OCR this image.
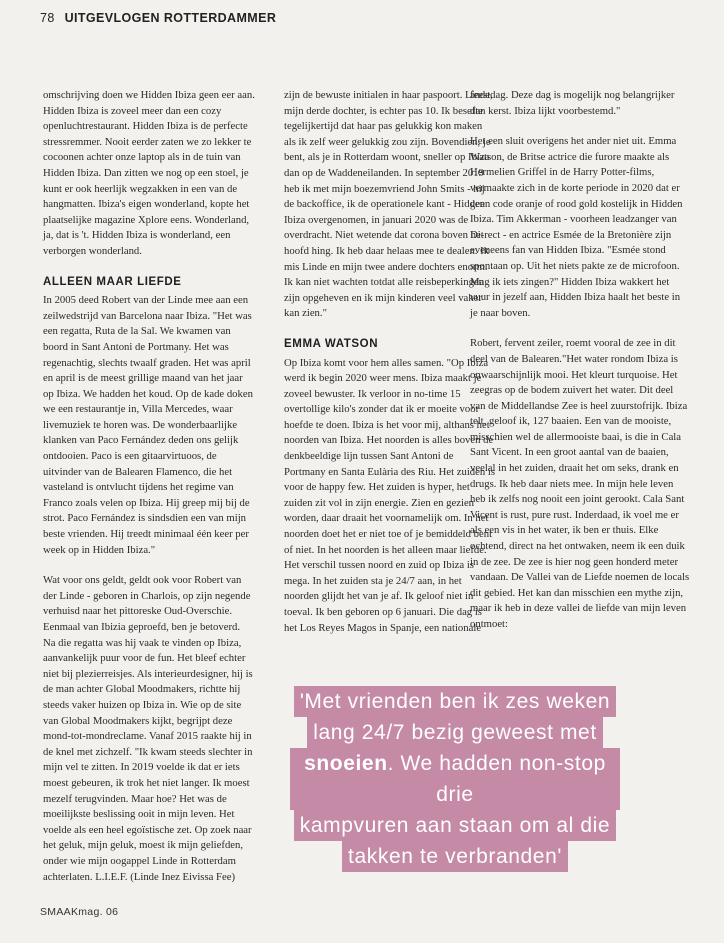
78 UITGEVLOGEN ROTTERDAMMER

omschrijving doen we Hidden Ibiza geen eer aan. Hidden Ibiza is zoveel meer dan een cozy openluchtrestaurant. Hidden Ibiza is de perfecte stressremmer. Nooit eerder zaten we zo lekker te cocoonen achter onze laptop als in de tuin van Hidden Ibiza. Dan zitten we nog op een stoel, je kunt er ook heerlijk wegzakken in een van de hangmatten. Ibiza's eigen wonderland, kopte het plaatselijke magazine Xplore eens. Wonderland, ja, dat is 't. Hidden Ibiza is wonderland, een verborgen wonderland.

ALLEEN MAAR LIEFDE

In 2005 deed Robert van der Linde mee aan een zeilwedstrijd van Barcelona naar Ibiza. "Het was een regatta, Ruta de la Sal. We kwamen van boord in Sant Antoni de Portmany. Het was regenachtig, slechts twaalf graden. Het was april en april is de meest grillige maand van het jaar op Ibiza. We hadden het koud. Op de kade doken we een restaurantje in, Villa Mercedes, waar livemuziek te horen was. De wonderbaarlijke klanken van Paco Fernández deden ons gelijk ontdooien. Paco is een gitaarvirtuoos, de uitvinder van de Balearen Flamenco, die het vasteland is ontvlucht tijdens het regime van Franco zoals velen op Ibiza. Hij greep mij bij de strot. Paco Fernández is sindsdien een van mijn beste vrienden. Hij treedt minimaal één keer per week op in Hidden Ibiza."

Wat voor ons geldt, geldt ook voor Robert van der Linde - geboren in Charlois, op zijn negende verhuisd naar het pittoreske Oud-Overschie. Eenmaal van Ibizia geproefd, ben je betoverd. Na die regatta was hij vaak te vinden op Ibiza, aanvankelijk puur voor de fun. Het bleef echter niet bij plezierreisjes. Als interieurdesigner, hij is de man achter Global Moodmakers, richtte hij steeds vaker huizen op Ibiza in. Wie op de site van Global Moodmakers kijkt, begrijpt deze mond-tot-mondreclame. Vanaf 2015 raakte hij in de knel met zichzelf. "Ik kwam steeds slechter in mijn vel te zitten. In 2019 voelde ik dat er iets moest gebeuren, ik trok het niet langer. Ik moest mezelf terugvinden. Maar hoe? Het was de moeilijkste beslissing ooit in mijn leven. Het voelde als een heel egoïstische zet. Op zoek naar het geluk, mijn geluk, moest ik mijn geliefden, onder wie mijn oogappel Linde in Rotterdam achterlaten. L.I.E.F. (Linde Inez Eivissa Fee)

zijn de bewuste initialen in haar paspoort. Linde, mijn derde dochter, is echter pas 10. Ik besefte tegelijkertijd dat haar pas gelukkig kon maken als ik zelf weer gelukkig zou zijn. Bovendien, je bent, als je in Rotterdam woont, sneller op Ibiza dan op de Waddeneilanden. In september 2019 heb ik met mijn boezemvriend John Smits - hij de backoffice, ik de operationele kant - Hidden Ibiza overgenomen, in januari 2020 was de overdracht. Niet wetende dat corona boven het hoofd hing. Ik heb daar helaas mee te dealen. Ik mis Linde en mijn twee andere dochters enorm. Ik kan niet wachten totdat alle reisbeperkingen zijn opgeheven en ik mijn kinderen veel vaker kan zien."

EMMA WATSON

Op Ibiza komt voor hem alles samen. "Op Ibiza werd ik begin 2020 weer mens. Ibiza maakt je zoveel bewuster. Ik verloor in no-time 15 overtollige kilo's zonder dat ik er moeite voor hoefde te doen. Ibiza is het voor mij, althans het noorden van Ibiza. Het noorden is alles boven de denkbeeldige lijn tussen Sant Antoni de Portmany en Santa Eulària des Riu. Het zuiden is voor de happy few. Het zuiden is hyper, het zuiden zit vol in zijn energie. Zien en gezien worden, daar draait het voornamelijk om. In het noorden doet het er niet toe of je bemiddeld bent of niet. In het noorden is het alleen maar liefde. Het verschil tussen noord en zuid op Ibiza is mega. In het zuiden sta je 24/7 aan, in het noorden glijdt het van je af. Ik geloof niet in toeval. Ik ben geboren op 6 januari. Die dag is het Los Reyes Magos in Spanje, een nationale

feestdag. Deze dag is mogelijk nog belangrijker dan kerst. Ibiza lijkt voorbestemd."

Het een sluit overigens het ander niet uit. Emma Watson, de Britse actrice die furore maakte als Hermelien Griffel in de Harry Potter-films, vermaakte zich in de korte periode in 2020 dat er geen code oranje of rood gold kostelijk in Hidden Ibiza. Tim Akkerman - voorheen leadzanger van Di-rect - en actrice Esmée de la Bretonière zijn eveneens fan van Hidden Ibiza. "Esmée stond spontaan op. Uit het niets pakte ze de microfoon. Mag ik iets zingen?" Hidden Ibiza wakkert het vuur in jezelf aan, Hidden Ibiza haalt het beste in je naar boven.

Robert, fervent zeiler, roemt vooral de zee in dit deel van de Balearen."Het water rondom Ibiza is onwaarschijnlijk mooi. Het kleurt turquoise. Het zeegras op de bodem zuivert het water. Dit deel van de Middellandse Zee is heel zuurstofrijk. Ibiza telt, geloof ik, 127 baaien. Een van de mooiste, misschien wel de allermooiste baai, is die in Cala Sant Vicent. In een groot aantal van de baaien, veelal in het zuiden, draait het om seks, drank en drugs. Ik heb daar niets mee. In mijn hele leven heb ik zelfs nog nooit een joint gerookt. Cala Sant Vicent is rust, pure rust. Inderdaad, ik voel me er als een vis in het water, ik ben er thuis. Elke ochtend, direct na het ontwaken, neem ik een duik in de zee. De zee is hier nog geen honderd meter vandaan. De Vallei van de Liefde noemen de locals dit gebied. Het kan dan misschien een mythe zijn, maar ik heb in deze vallei de liefde van mijn leven ontmoet:

'Met vrienden ben ik zes weken
lang 24/7 bezig geweest met
snoeien. We hadden non-stop drie
kampvuren aan staan om al die
takken te verbranden'
SMAAKmag. 06
